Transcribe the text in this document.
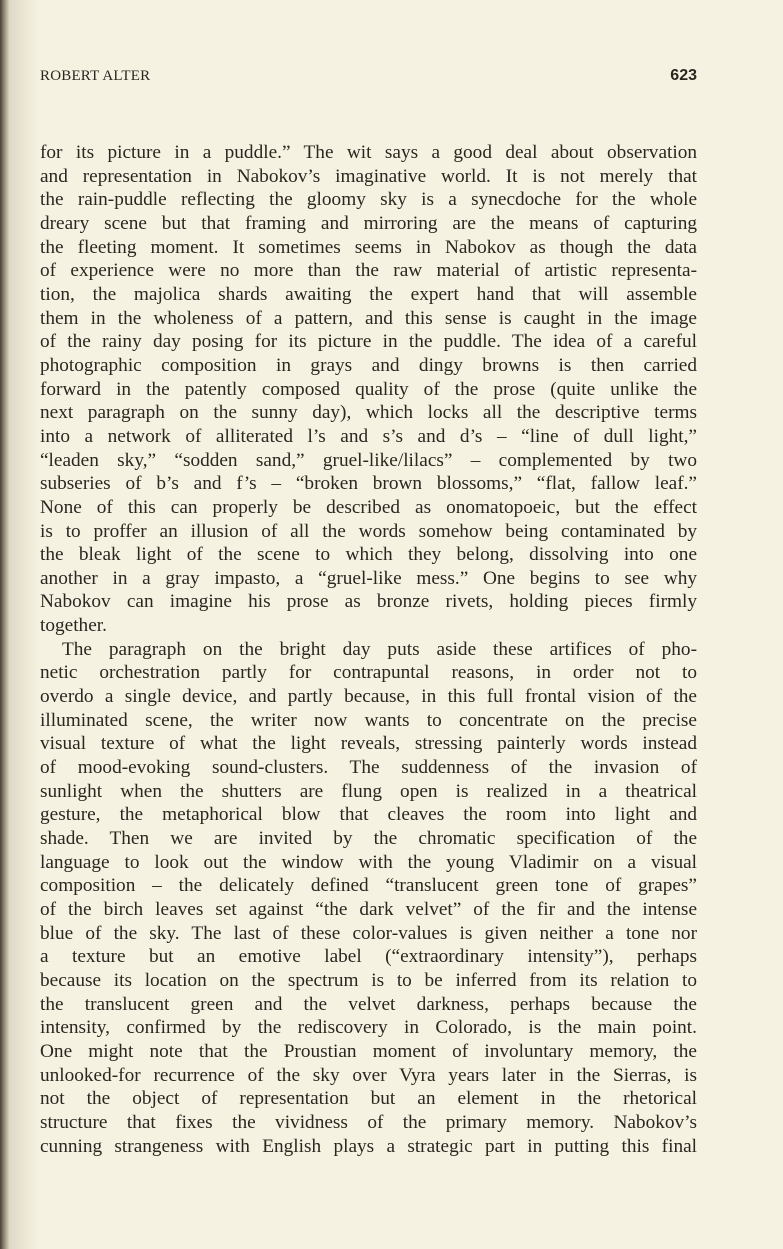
ROBERT ALTER	623
for its picture in a puddle.” The wit says a good deal about observation
and representation in Nabokov’s imaginative world. It is not merely that
the rain-puddle reflecting the gloomy sky is a synecdoche for the whole
dreary scene but that framing and mirroring are the means of capturing
the fleeting moment. It sometimes seems in Nabokov as though the data
of experience were no more than the raw material of artistic representa-
tion, the majolica shards awaiting the expert hand that will assemble
them in the wholeness of a pattern, and this sense is caught in the image
of the rainy day posing for its picture in the puddle. The idea of a careful
photographic composition in grays and dingy browns is then carried
forward in the patently composed quality of the prose (quite unlike the
next paragraph on the sunny day), which locks all the descriptive terms
into a network of alliterated l’s and s’s and d’s – “line of dull light,”
“leaden sky,” “sodden sand,” gruel-like/lilacs” – complemented by two
subseries of b’s and f’s – “broken brown blossoms,” “flat, fallow leaf.”
None of this can properly be described as onomatopoeic, but the effect
is to proffer an illusion of all the words somehow being contaminated by
the bleak light of the scene to which they belong, dissolving into one
another in a gray impasto, a “gruel-like mess.” One begins to see why
Nabokov can imagine his prose as bronze rivets, holding pieces firmly
together.
The paragraph on the bright day puts aside these artifices of pho-
netic orchestration partly for contrapuntal reasons, in order not to
overdo a single device, and partly because, in this full frontal vision of the
illuminated scene, the writer now wants to concentrate on the precise
visual texture of what the light reveals, stressing painterly words instead
of mood-evoking sound-clusters. The suddenness of the invasion of
sunlight when the shutters are flung open is realized in a theatrical
gesture, the metaphorical blow that cleaves the room into light and
shade. Then we are invited by the chromatic specification of the
language to look out the window with the young Vladimir on a visual
composition – the delicately defined “translucent green tone of grapes”
of the birch leaves set against “the dark velvet” of the fir and the intense
blue of the sky. The last of these color-values is given neither a tone nor
a texture but an emotive label (“extraordinary intensity”), perhaps
because its location on the spectrum is to be inferred from its relation to
the translucent green and the velvet darkness, perhaps because the
intensity, confirmed by the rediscovery in Colorado, is the main point.
One might note that the Proustian moment of involuntary memory, the
unlooked-for recurrence of the sky over Vyra years later in the Sierras, is
not the object of representation but an element in the rhetorical
structure that fixes the vividness of the primary memory. Nabokov’s
cunning strangeness with English plays a strategic part in putting this final
